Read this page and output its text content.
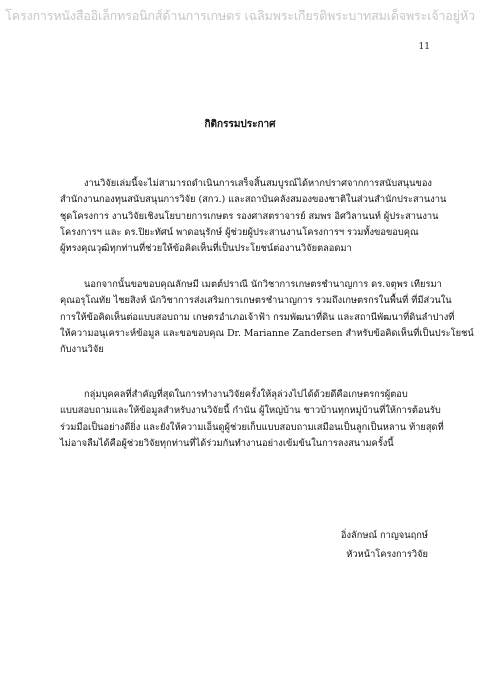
โครงการหนังสืออิเล็กทรอนิกส์ด้านการเกษตร เฉลิมพระเกียรติพระบาทสมเด็จพระเจ้าอยู่หัว
11
กิติกรรมประกาศ
งานวิจัยเล่มนี้จะไม่สามารถดำเนินการเสร็จสิ้นสมบูรณ์ได้หากปราศจากการสนับสนุนของ
สำนักงานกองทุนสนับสนุนการวิจัย (สกว.) และสถาบันคลังสมองของชาติในส่วนสำนักประสานงาน
ชุดโครงการ งานวิจัยเชิงนโยบายการเกษตร รองศาสตราจารย์ สมพร อิศวิลานนท์ ผู้ประสานงาน
โครงการฯ และ ดร.ปิยะทัศน์ พาดอนุรักษ์ ผู้ช่วยผู้ประสานงานโครงการฯ รวมทั้งขอขอบคุณ
ผู้ทรงคุณวุฒิทุกท่านที่ช่วยให้ข้อคิดเห็นที่เป็นประโยชน์ต่องานวิจัยตลอดมา
นอกจากนั้นขอขอบคุณลักษมี เมตต์ปราณี นักวิชาการเกษตรชำนาญการ ดร.จตุพร เทียรมา
คุณอรุโณทัย ไชยสิงห์ นักวิชาการส่งเสริมการเกษตรชำนาญการ รวมถึงเกษตรกรในพื้นที่ ที่มีส่วนใน
การให้ข้อคิดเห็นต่อแบบสอบถาม เกษตรอำเภอเจ้าฟ้า กรมพัฒนาที่ดิน และสถานีพัฒนาที่ดินลำปางที่
ให้ความอนุเคราะห์ข้อมูล และขอขอบคุณ Dr. Marianne Zandersen สำหรับข้อคิดเห็นที่เป็นประโยชน์
กับงานวิจัย
กลุ่มบุคคลที่สำคัญที่สุดในการทำงานวิจัยครั้งให้ลุล่วงไปได้ด้วยดีคือเกษตรกรผู้ตอบ
แบบสอบถามและให้ข้อมูลสำหรับงานวิจัยนี้ กำนัน ผู้ใหญ่บ้าน ชาวบ้านทุกหมู่บ้านที่ให้การต้อนรับ
ร่วมมือเป็นอย่างดียิ่ง และยังให้ความเอ็นดูผู้ช่วยเก็บแบบสอบถามเสมือนเป็นลูกเป็นหลาน ท้ายสุดที่
ไม่อาจลืมได้คือผู้ช่วยวิจัยทุกท่านที่ได้ร่วมกันทำงานอย่างเข้มข้นในการลงสนามครั้งนี้
อิ่งลักษณ์ กาญจนฤกษ์
หัวหน้าโครงการวิจัย
